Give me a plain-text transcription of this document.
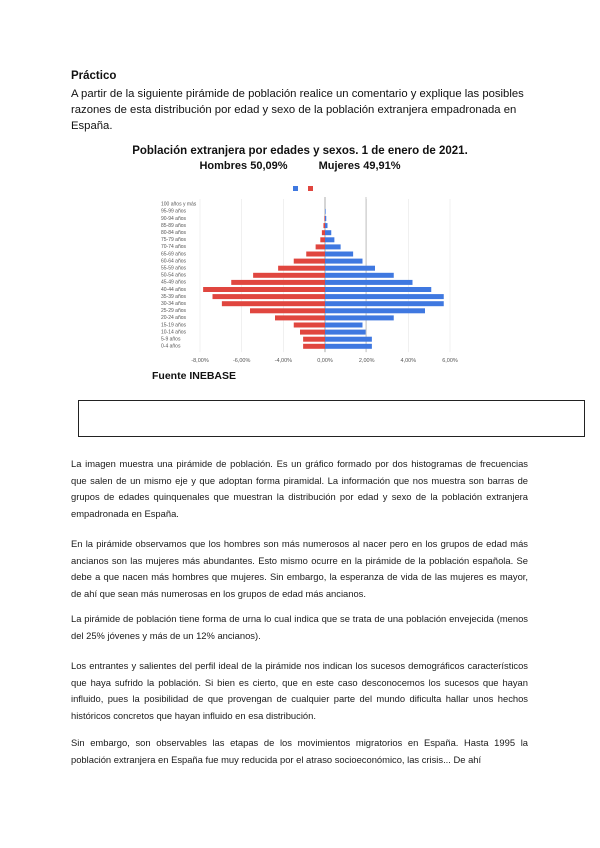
Práctico

A partir de la siguiente pirámide de población realice un comentario y explique las posibles razones de esta distribución por edad y sexo de la población extranjera empadronada en España.

Población extranjera por edades y sexos. 1 de enero de 2021.
Hombres 50,09%	Mujeres 49,91%
-8,00%	-6,00%	-4,00%	0,00%	2,00%	4,00%	6,00%
100 años y más
95-99 años
90-94 años
85-89 años
80-84 años
75-79 años
70-74 años
65-69 años
60-64 años
55-59 años
50-54 años
45-49 años
40-44 años
35-39 años
30-34 años
25-29 años
20-24 años
15-19 años
10-14 años
5-9 años
0-4 años
Fuente INEBASE

La imagen muestra una pirámide de población. Es un gráfico formado por dos histogramas de frecuencias que salen de un mismo eje y que adoptan forma piramidal. La información que nos muestra son barras de grupos de edades quinquenales que muestran la distribución por edad y sexo de la población extranjera empadronada en España.

En la pirámide observamos que los hombres son más numerosos al nacer pero en los grupos de edad más ancianos son las mujeres más abundantes. Esto mismo ocurre en la pirámide de la población española. Se debe a que nacen más hombres que mujeres. Sin embargo, la esperanza de vida de las mujeres es mayor, de ahí que sean más numerosas en los grupos de edad más ancianos.

La pirámide de población tiene forma de urna lo cual indica que se trata de una población envejecida (menos del 25% jóvenes y más de un 12% ancianos).

Los entrantes y salientes del perfil ideal de la pirámide nos indican los sucesos demográficos característicos que haya sufrido la población. Si bien es cierto, que en este caso desconocemos los sucesos que hayan influido, pues la posibilidad de que provengan de cualquier parte del mundo dificulta hallar unos hechos históricos concretos que hayan influido en esa distribución.

Sin embargo, son observables las etapas de los movimientos migratorios en España. Hasta 1995 la población extranjera en España fue muy reducida por el atraso socioeconómico, las crisis... De ahí
